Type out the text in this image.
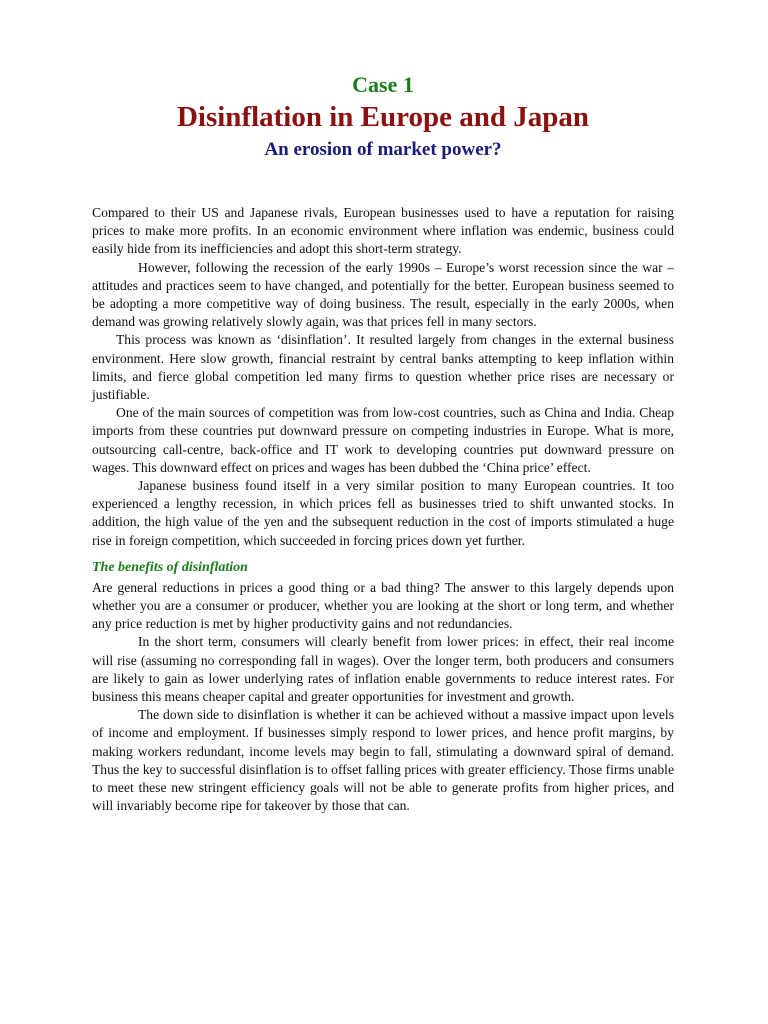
Case 1
Disinflation in Europe and Japan
An erosion of market power?

Compared to their US and Japanese rivals, European businesses used to have a reputation for raising prices to make more profits. In an economic environment where inflation was endemic, business could easily hide from its inefficiencies and adopt this short-term strategy.

However, following the recession of the early 1990s – Europe’s worst recession since the war – attitudes and practices seem to have changed, and potentially for the better. European business seemed to be adopting a more competitive way of doing business. The result, especially in the early 2000s, when demand was growing relatively slowly again, was that prices fell in many sectors.

This process was known as ‘disinflation’. It resulted largely from changes in the external business environment. Here slow growth, financial restraint by central banks attempting to keep inflation within limits, and fierce global competition led many firms to question whether price rises are necessary or justifiable.

One of the main sources of competition was from low-cost countries, such as China and India. Cheap imports from these countries put downward pressure on competing industries in Europe. What is more, outsourcing call-centre, back-office and IT work to developing countries put downward pressure on wages. This downward effect on prices and wages has been dubbed the ‘China price’ effect.

Japanese business found itself in a very similar position to many European countries. It too experienced a lengthy recession, in which prices fell as businesses tried to shift unwanted stocks. In addition, the high value of the yen and the subsequent reduction in the cost of imports stimulated a huge rise in foreign competition, which succeeded in forcing prices down yet further.

The benefits of disinflation

Are general reductions in prices a good thing or a bad thing? The answer to this largely depends upon whether you are a consumer or producer, whether you are looking at the short or long term, and whether any price reduction is met by higher productivity gains and not redundancies.

In the short term, consumers will clearly benefit from lower prices: in effect, their real income will rise (assuming no corresponding fall in wages). Over the longer term, both producers and consumers are likely to gain as lower underlying rates of inflation enable governments to reduce interest rates. For business this means cheaper capital and greater opportunities for investment and growth.

The down side to disinflation is whether it can be achieved without a massive impact upon levels of income and employment. If businesses simply respond to lower prices, and hence profit margins, by making workers redundant, income levels may begin to fall, stimulating a downward spiral of demand. Thus the key to successful disinflation is to offset falling prices with greater efficiency. Those firms unable to meet these new stringent efficiency goals will not be able to generate profits from higher prices, and will invariably become ripe for takeover by those that can.
